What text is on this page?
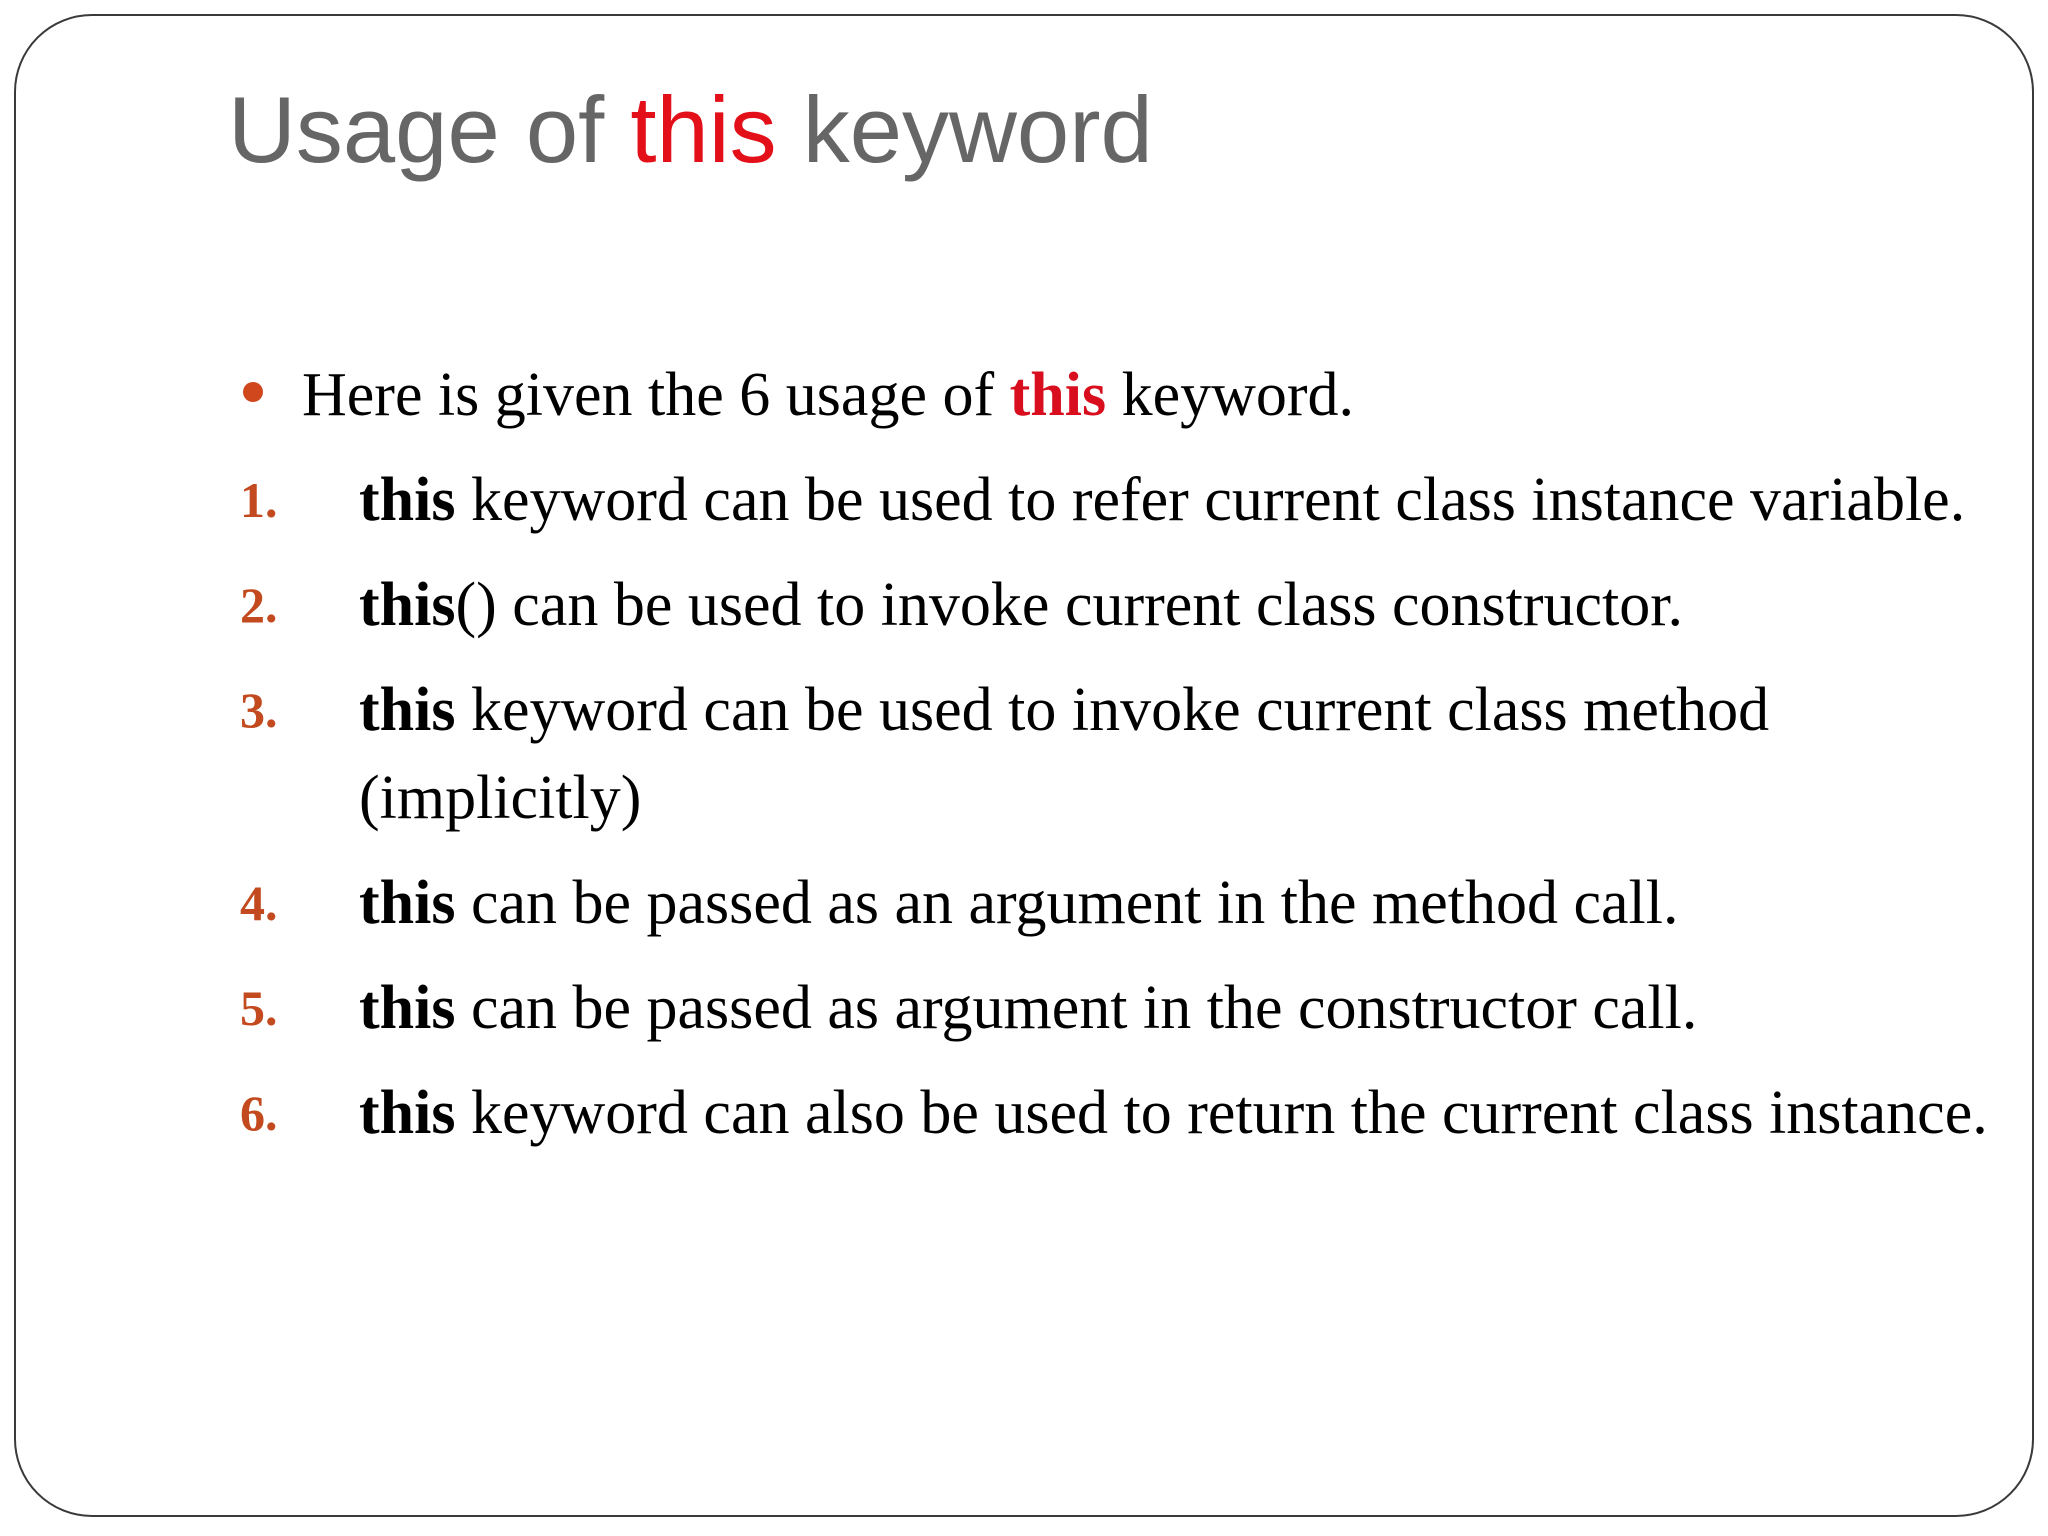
Usage of this keyword
Here is given the 6 usage of this keyword.
1. this keyword can be used to refer current class instance variable.
2. this() can be used to invoke current class constructor.
3. this keyword can be used to invoke current class method (implicitly)
4. this can be passed as an argument in the method call.
5. this can be passed as argument in the constructor call.
6. this keyword can also be used to return the current class instance.
